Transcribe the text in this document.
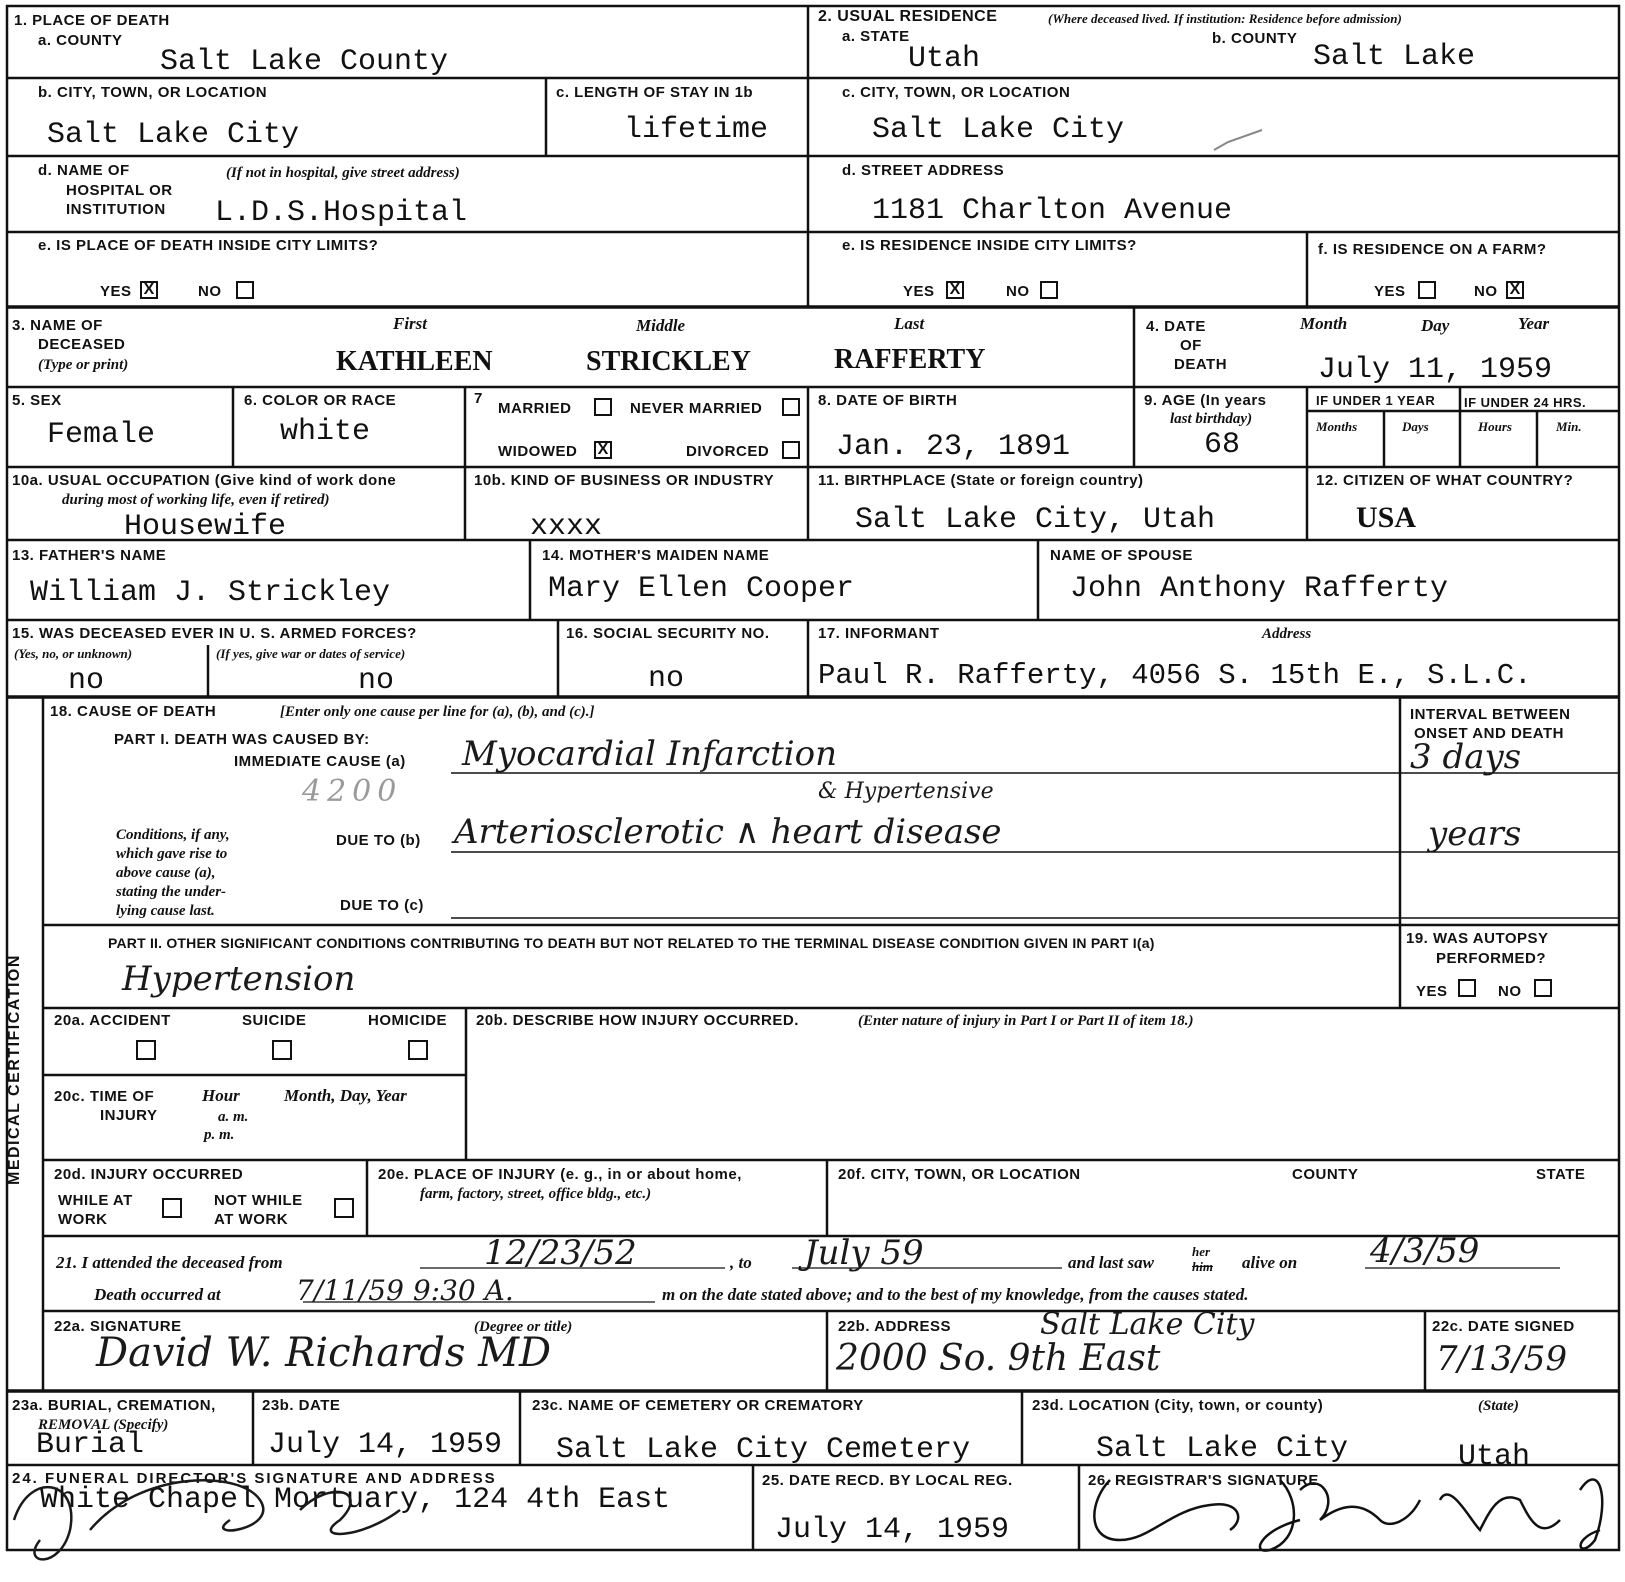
1. PLACE OF DEATH
a. COUNTY
Salt Lake County
b. CITY, TOWN, OR LOCATION
Salt Lake City
c. LENGTH OF STAY IN 1b
lifetime
d. NAME OF
HOSPITAL OR
INSTITUTION
(If not in hospital, give street address)
L.D.S.Hospital
e. IS PLACE OF DEATH INSIDE CITY LIMITS?
YES X	NO
2. USUAL RESIDENCE	(Where deceased lived. If institution: Residence before admission)
a. STATE
Utah
b. COUNTY
Salt Lake
c. CITY, TOWN, OR LOCATION
Salt Lake City
d. STREET ADDRESS
1181 Charlton Avenue
e. IS RESIDENCE INSIDE CITY LIMITS?
YES X	NO
f. IS RESIDENCE ON A FARM?
YES	NO X
3. NAME OF
DECEASED
(Type or print)
First	Middle	Last
KATHLEEN	STRICKLEY	RAFFERTY
4. DATE
OF
DEATH
Month	Day	Year
July 11, 1959
5. SEX
Female
6. COLOR OR RACE
white
7
MARRIED	NEVER MARRIED
WIDOWED X	DIVORCED
8. DATE OF BIRTH
Jan. 23, 1891
9. AGE (In years
last birthday)
68
IF UNDER 1 YEAR IF UNDER 24 HRS.
Months	Days	Hours	Min.
10a. USUAL OCCUPATION (Give kind of work done
during most of working life, even if retired)
Housewife
10b. KIND OF BUSINESS OR INDUSTRY
xxxx
11. BIRTHPLACE (State or foreign country)
Salt Lake City, Utah
12. CITIZEN OF WHAT COUNTRY?
USA
13. FATHER'S NAME
William J. Strickley
14. MOTHER'S MAIDEN NAME
Mary Ellen Cooper
NAME OF SPOUSE
John Anthony Rafferty
15. WAS DECEASED EVER IN U. S. ARMED FORCES?
(Yes, no, or unknown)	(If yes, give war or dates of service)
no	no
16. SOCIAL SECURITY NO.
no
17. INFORMANT	Address
Paul R. Rafferty, 4056 S. 15th E., S.L.C.
MEDICAL CERTIFICATION
18. CAUSE OF DEATH	[Enter only one cause per line for (a), (b), and (c).]
PART I. DEATH WAS CAUSED BY:
IMMEDIATE CAUSE (a) Myocardial Infarction
4200	& Hypertensive
Arteriosclerotic ∧ heart disease
DUE TO (b)
DUE TO (c)
Conditions, if any,
which gave rise to
above cause (a),
stating the under-
lying cause last.
INTERVAL BETWEEN
ONSET AND DEATH
3 days
years
PART II. OTHER SIGNIFICANT CONDITIONS CONTRIBUTING TO DEATH BUT NOT RELATED TO THE TERMINAL DISEASE CONDITION GIVEN IN PART I(a)
Hypertension
19. WAS AUTOPSY
PERFORMED?
YES	NO
20a. ACCIDENT	SUICIDE	HOMICIDE 20b. DESCRIBE HOW INJURY OCCURRED.	(Enter nature of injury in Part I or Part II of item 18.)
20c. TIME OF
INJURY
Hour
a. m.
p. m.
Month, Day, Year
20d. INJURY OCCURRED
WHILE AT
WORK
NOT WHILE
AT WORK
20e. PLACE OF INJURY (e. g., in or about home,
farm, factory, street, office bldg., etc.)
20f. CITY, TOWN, OR LOCATION	COUNTY	STATE
21. I attended the deceased from	12/23/52	, to July 59	and last saw
her
him alive on 4/3/59
Death occurred at	7/11/59 9:30 A.	m on the date stated above; and to the best of my knowledge, from the causes stated.
22a. SIGNATURE	(Degree or title)
David W. Richards MD
22b. ADDRESS	Salt Lake City
2000 So. 9th East
22c. DATE SIGNED
7/13/59
23a. BURIAL, CREMATION,
REMOVAL (Specify)
Burial
23b. DATE
July 14, 1959
23c. NAME OF CEMETERY OR CREMATORY
Salt Lake City Cemetery
23d. LOCATION (City, town, or county)	(State)
Salt Lake City	Utah
24. FUNERAL DIRECTOR'S SIGNATURE AND ADDRESS
White Chapel Mortuary, 124 4th East
25. DATE RECD. BY LOCAL REG.
July 14, 1959
26. REGISTRAR'S SIGNATURE
